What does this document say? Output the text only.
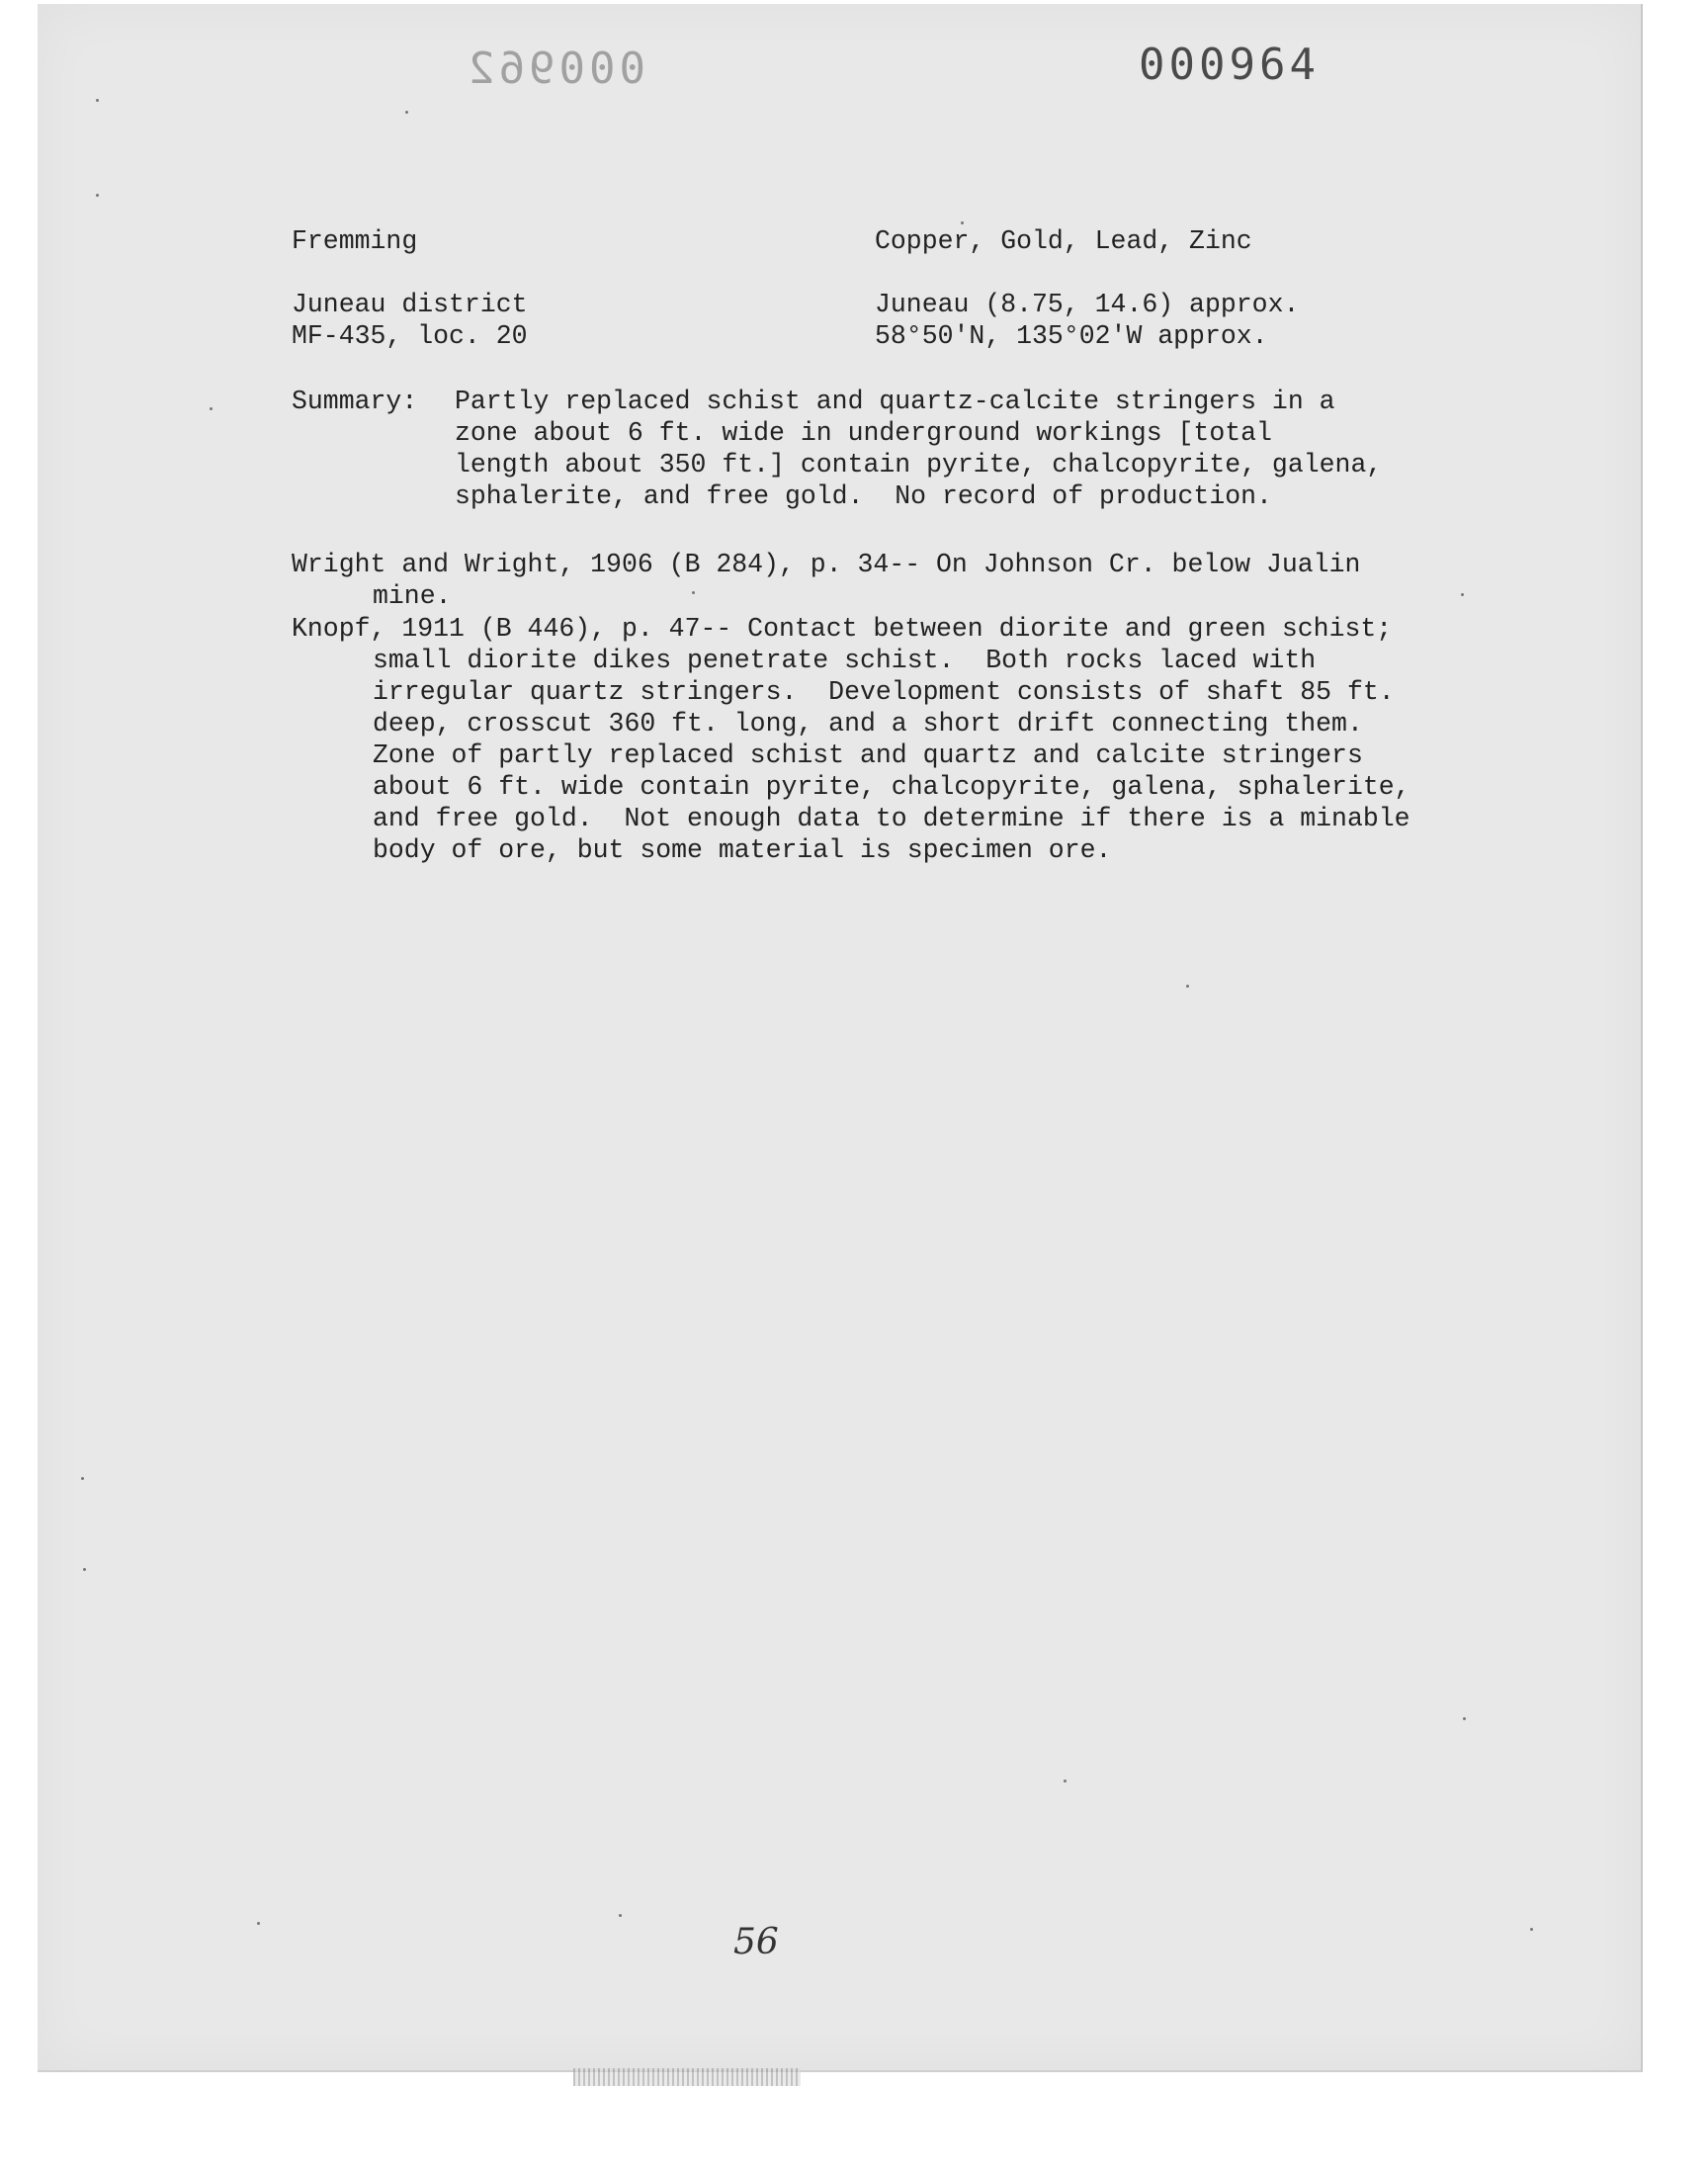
000962	000964

Fremming	Copper, Gold, Lead, Zinc

Juneau district	Juneau (8.75, 14.6) approx.

MF-435, loc. 20	58°50'N, 135°02'W approx.

Summary: Partly replaced schist and quartz-calcite stringers in a

zone about 6 ft. wide in underground workings [total

length about 350 ft.] contain pyrite, chalcopyrite, galena,

sphalerite, and free gold.  No record of production.

Wright and Wright, 1906 (B 284), p. 34-- On Johnson Cr. below Jualin

mine.

Knopf, 1911 (B 446), p. 47-- Contact between diorite and green schist;

small diorite dikes penetrate schist.  Both rocks laced with

irregular quartz stringers.  Development consists of shaft 85 ft.

deep, crosscut 360 ft. long, and a short drift connecting them.

Zone of partly replaced schist and quartz and calcite stringers

about 6 ft. wide contain pyrite, chalcopyrite, galena, sphalerite,

and free gold.  Not enough data to determine if there is a minable

body of ore, but some material is specimen ore.

56
